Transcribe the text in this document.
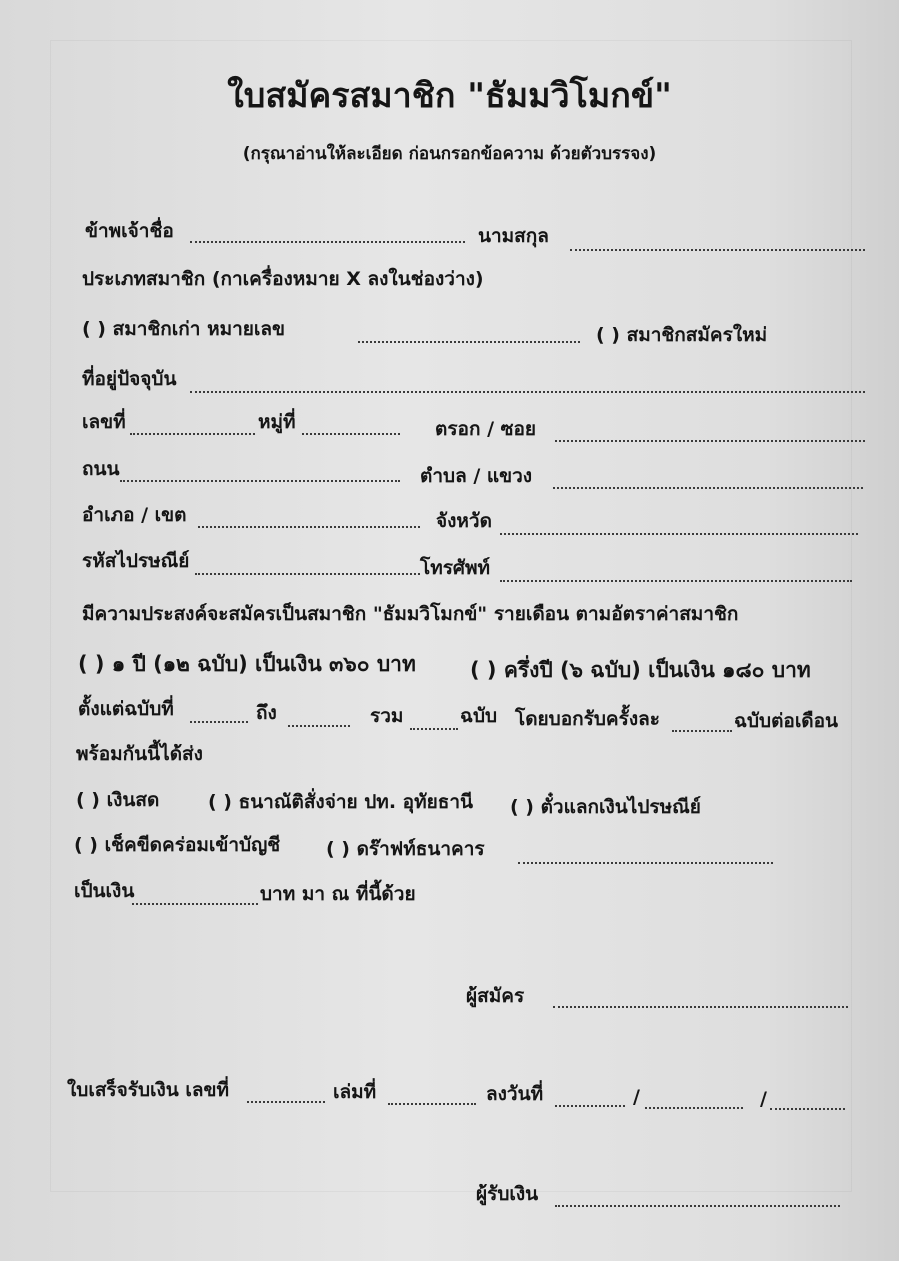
ใบสมัครสมาชิก "ธัมมวิโมกข์"
(กรุณาอ่านให้ละเอียด ก่อนกรอกข้อความ ด้วยตัวบรรจง)
ข้าพเจ้าชื่อ	นามสกุล
ประเภทสมาชิก (กาเครื่องหมาย X ลงในช่องว่าง)
( ) สมาชิกเก่า หมายเลข	( ) สมาชิกสมัครใหม่
ที่อยู่ปัจจุบัน
เลขที่	หมู่ที่	ตรอก / ซอย
ถนน	ตำบล / แขวง
อำเภอ / เขต	จังหวัด
รหัสไปรษณีย์	โทรศัพท์
มีความประสงค์จะสมัครเป็นสมาชิก "ธัมมวิโมกข์" รายเดือน ตามอัตราค่าสมาชิก
( ) ๑ ปี (๑๒ ฉบับ) เป็นเงิน ๓๖๐ บาท	( ) ครึ่งปี (๖ ฉบับ) เป็นเงิน ๑๘๐ บาท
ตั้งแต่ฉบับที่	ถึง	รวม	ฉบับ โดยบอกรับครั้งละ	ฉบับต่อเดือน
พร้อมกันนี้ได้ส่ง
( ) เงินสด	( ) ธนาณัติสั่งจ่าย ปท. อุทัยธานี ( ) ตั๋วแลกเงินไปรษณีย์
( ) เช็คขีดคร่อมเข้าบัญชี ( ) ดร๊าฟท์ธนาคาร
เป็นเงิน	บาท มา ณ ที่นี้ด้วย
ผู้สมัคร
ใบเสร็จรับเงิน เลขที่	เล่มที่	ลงวันที่	/	/
ผู้รับเงิน
